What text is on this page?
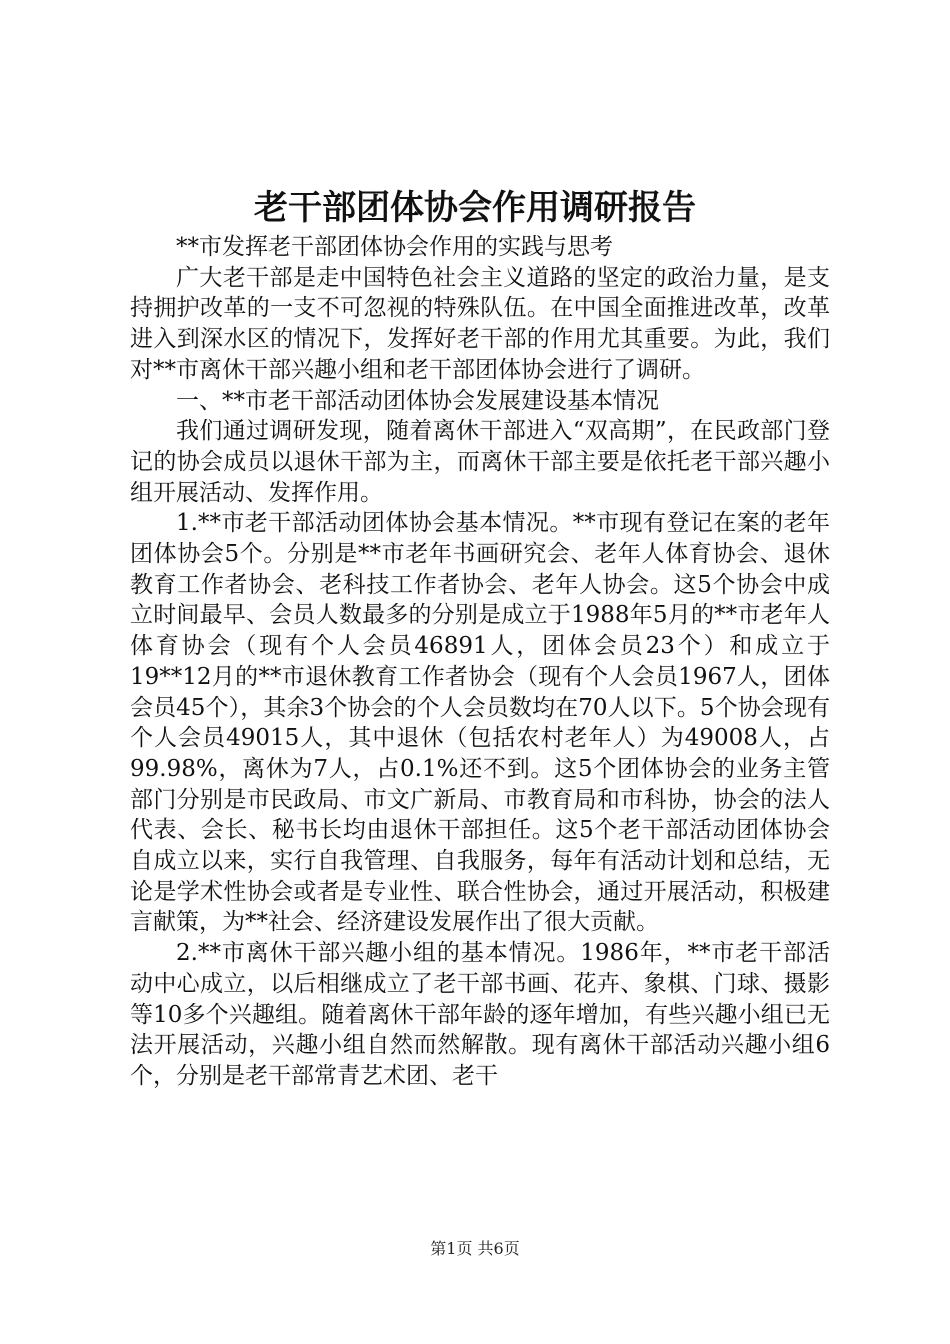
老干部团体协会作用调研报告

**市发挥老干部团体协会作用的实践与思考

广大老干部是走中国特色社会主义道路的坚定的政治力量，是支持拥护改革的一支不可忽视的特殊队伍。在中国全面推进改革，改革进入到深水区的情况下，发挥好老干部的作用尤其重要。为此，我们对**市离休干部兴趣小组和老干部团体协会进行了调研。

一、**市老干部活动团体协会发展建设基本情况

我们通过调研发现，随着离休干部进入“双高期”，在民政部门登记的协会成员以退休干部为主，而离休干部主要是依托老干部兴趣小组开展活动、发挥作用。

1.**市老干部活动团体协会基本情况。**市现有登记在案的老年团体协会5个。分别是**市老年书画研究会、老年人体育协会、退休教育工作者协会、老科技工作者协会、老年人协会。这5个协会中成立时间最早、会员人数最多的分别是成立于1988年5月的**市老年人体育协会（现有个人会员46891人，团体会员23个）和成立于19**12月的**市退休教育工作者协会（现有个人会员1967人，团体会员45个），其余3个协会的个人会员数均在70人以下。5个协会现有个人会员49015人，其中退休（包括农村老年人）为49008人，占99.98%，离休为7人，占0.1%还不到。这5个团体协会的业务主管部门分别是市民政局、市文广新局、市教育局和市科协，协会的法人代表、会长、秘书长均由退休干部担任。这5个老干部活动团体协会自成立以来，实行自我管理、自我服务，每年有活动计划和总结，无论是学术性协会或者是专业性、联合性协会，通过开展活动，积极建言献策，为**社会、经济建设发展作出了很大贡献。

2.**市离休干部兴趣小组的基本情况。1986年，**市老干部活动中心成立，以后相继成立了老干部书画、花卉、象棋、门球、摄影等10多个兴趣组。随着离休干部年龄的逐年增加，有些兴趣小组已无法开展活动，兴趣小组自然而然解散。现有离休干部活动兴趣小组6个，分别是老干部常青艺术团、老干

第1页 共6页
